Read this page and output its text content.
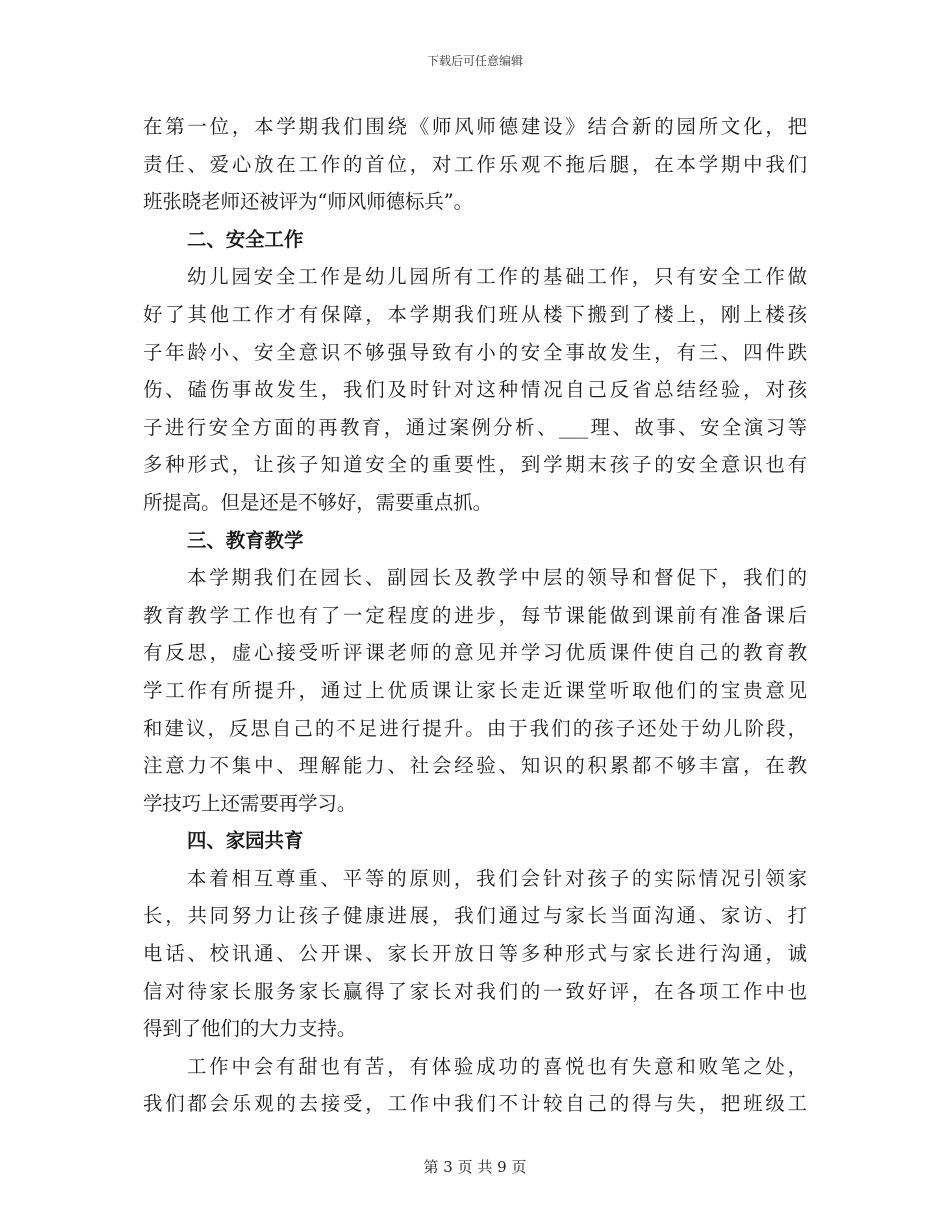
下载后可任意编辑
在第一位，本学期我们围绕《师风师德建设》结合新的园所文化，把
责任、爱心放在工作的首位，对工作乐观不拖后腿，在本学期中我们
班张晓老师还被评为“师风师德标兵”。
二、安全工作
幼儿园安全工作是幼儿园所有工作的基础工作，只有安全工作做
好了其他工作才有保障，本学期我们班从楼下搬到了楼上，刚上楼孩
子年龄小、安全意识不够强导致有小的安全事故发生，有三、四件跌
伤、磕伤事故发生，我们及时针对这种情况自己反省总结经验，对孩
子进行安全方面的再教育，通过案例分析、___理、故事、安全演习等
多种形式，让孩子知道安全的重要性，到学期末孩子的安全意识也有
所提高。但是还是不够好，需要重点抓。
三、教育教学
本学期我们在园长、副园长及教学中层的领导和督促下，我们的
教育教学工作也有了一定程度的进步，每节课能做到课前有准备课后
有反思，虚心接受听评课老师的意见并学习优质课件使自己的教育教
学工作有所提升，通过上优质课让家长走近课堂听取他们的宝贵意见
和建议，反思自己的不足进行提升。由于我们的孩子还处于幼儿阶段，
注意力不集中、理解能力、社会经验、知识的积累都不够丰富，在教
学技巧上还需要再学习。
四、家园共育
本着相互尊重、平等的原则，我们会针对孩子的实际情况引领家
长，共同努力让孩子健康进展，我们通过与家长当面沟通、家访、打
电话、校讯通、公开课、家长开放日等多种形式与家长进行沟通，诚
信对待家长服务家长赢得了家长对我们的一致好评，在各项工作中也
得到了他们的大力支持。
工作中会有甜也有苦，有体验成功的喜悦也有失意和败笔之处，
我们都会乐观的去接受，工作中我们不计较自己的得与失，把班级工
第 3 页 共 9 页
